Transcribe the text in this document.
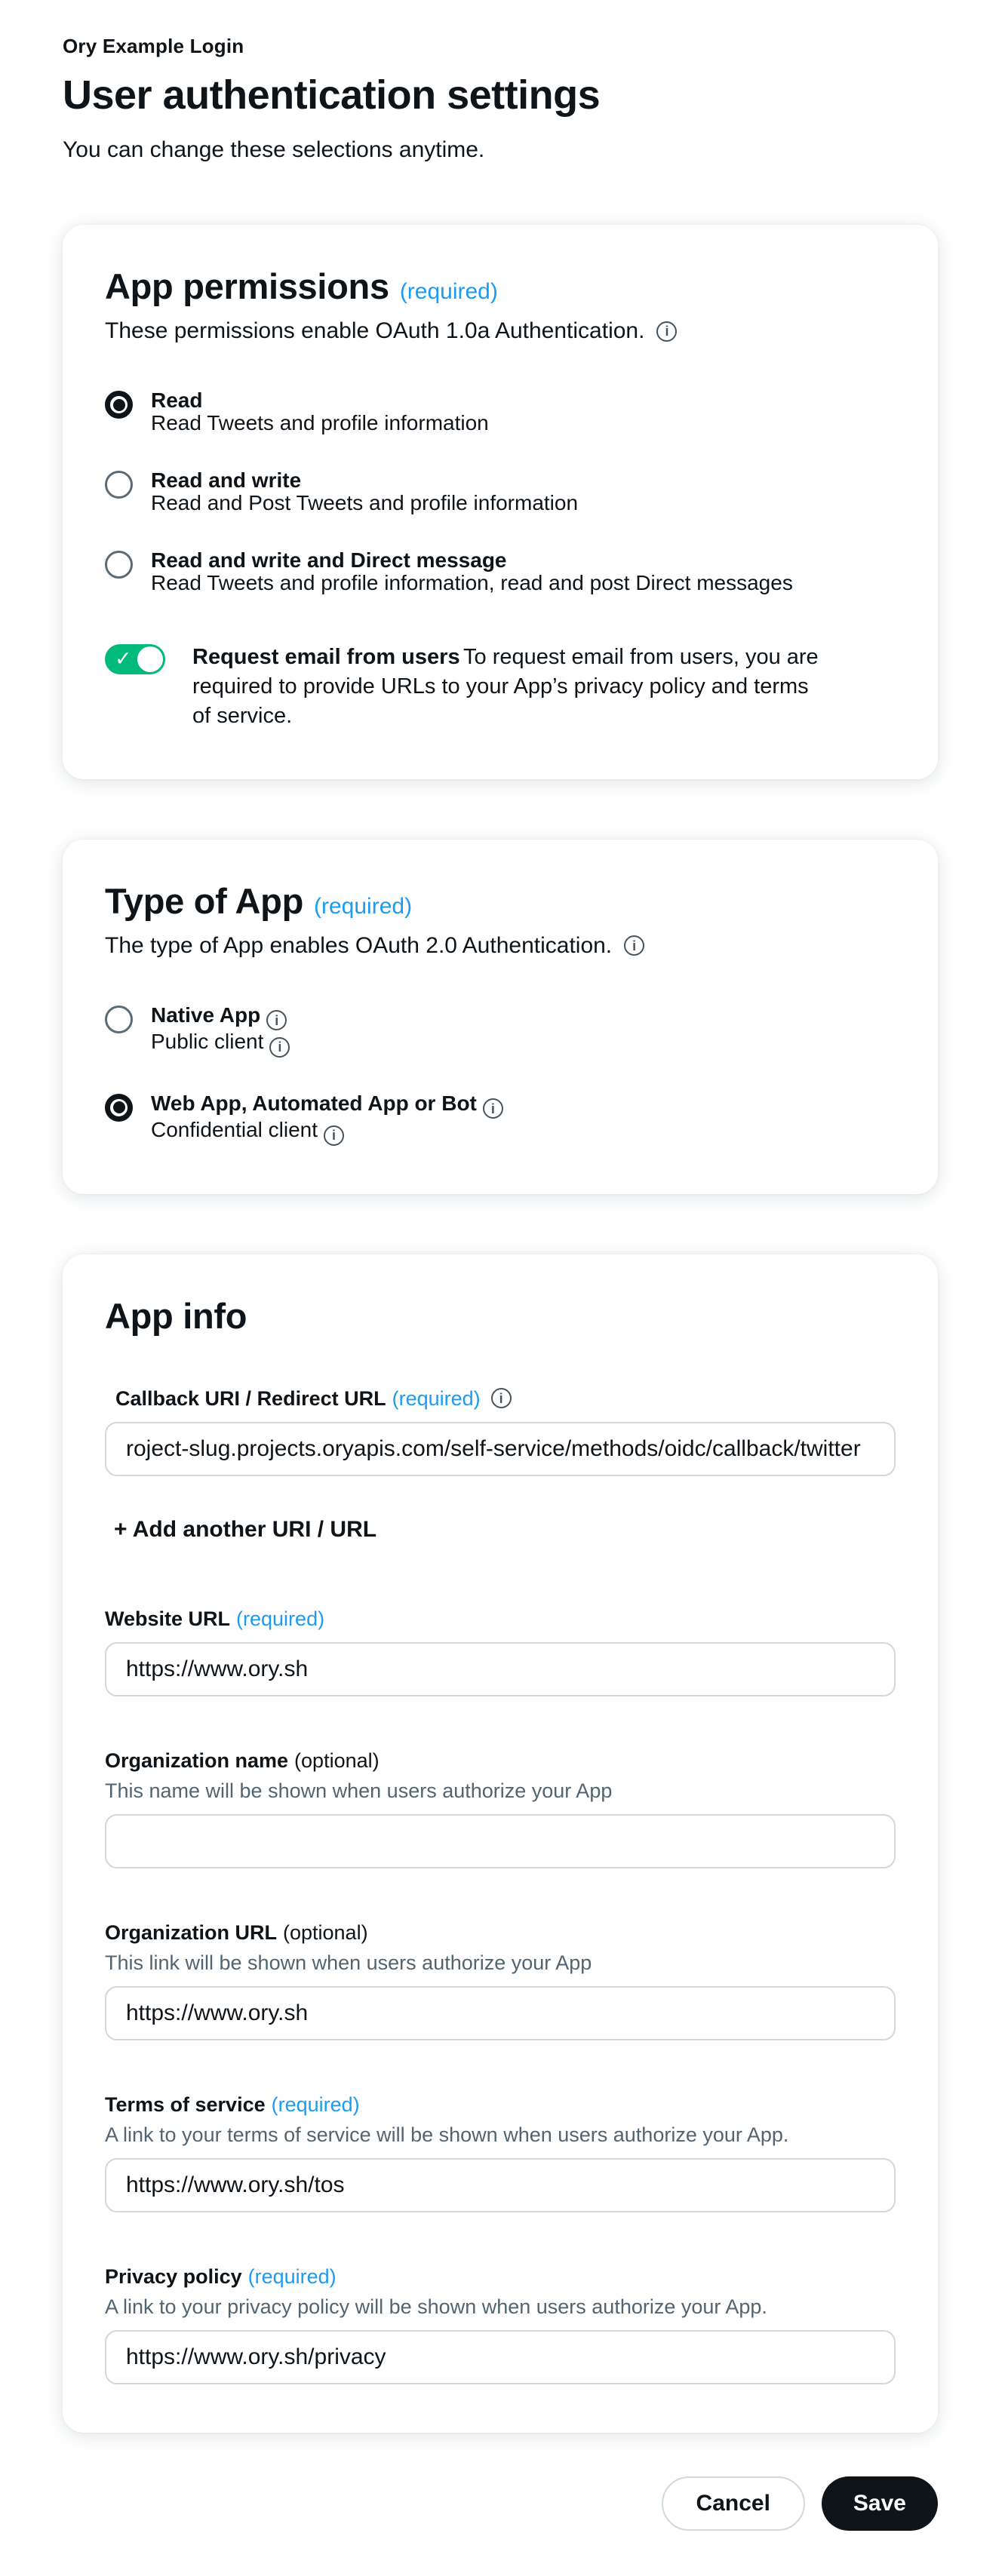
Ory Example Login
User authentication settings
You can change these selections anytime.
App permissions (required)
These permissions enable OAuth 1.0a Authentication.	i
Read
Read Tweets and profile information
Read and write
Read and Post Tweets and profile information
Read and write and Direct message
Read Tweets and profile information, read and post Direct messages
✓	Request email from users To request email from users, you are required to provide URLs to your App’s privacy policy and terms of service.
Type of App (required)
The type of App enables OAuth 2.0 Authentication.	i
Native App i
Public client i
Web App, Automated App or Bot i
Confidential client i
App info
Callback URI / Redirect URL (required)	i
roject-slug.projects.oryapis.com/self-service/methods/oidc/callback/twitter + Add another URI / URL
Website URL (required)
https://www.ory.sh
Organization name (optional)
This name will be shown when users authorize your App
Organization URL (optional)
This link will be shown when users authorize your App
https://www.ory.sh
Terms of service (required)
A link to your terms of service will be shown when users authorize your App.
https://www.ory.sh/tos
Privacy policy (required)
A link to your privacy policy will be shown when users authorize your App.
https://www.ory.sh/privacy
Cancel	Save
